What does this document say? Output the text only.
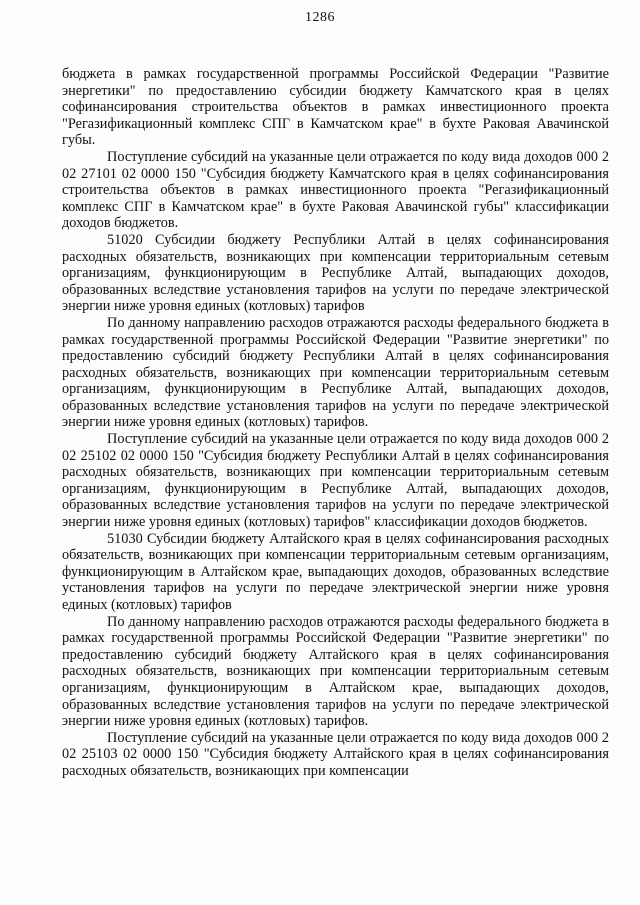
1286

бюджета в рамках государственной программы Российской Федерации "Развитие энергетики" по предоставлению субсидии бюджету Камчатского края в целях софинансирования строительства объектов в рамках инвестиционного проекта "Регазификационный комплекс СПГ в Камчатском крае" в бухте Раковая Авачинской губы.

Поступление субсидий на указанные цели отражается по коду вида доходов 000 2 02 27101 02 0000 150 "Субсидия бюджету Камчатского края в целях софинансирования строительства объектов в рамках инвестиционного проекта "Регазификационный комплекс СПГ в Камчатском крае" в бухте Раковая Авачинской губы" классификации доходов бюджетов.

51020 Субсидии бюджету Республики Алтай в целях софинансирования расходных обязательств, возникающих при компенсации территориальным сетевым организациям, функционирующим в Республике Алтай, выпадающих доходов, образованных вследствие установления тарифов на услуги по передаче электрической энергии ниже уровня единых (котловых) тарифов

По данному направлению расходов отражаются расходы федерального бюджета в рамках государственной программы Российской Федерации "Развитие энергетики" по предоставлению субсидий бюджету Республики Алтай в целях софинансирования расходных обязательств, возникающих при компенсации территориальным сетевым организациям, функционирующим в Республике Алтай, выпадающих доходов, образованных вследствие установления тарифов на услуги по передаче электрической энергии ниже уровня единых (котловых) тарифов.

Поступление субсидий на указанные цели отражается по коду вида доходов 000 2 02 25102 02 0000 150 "Субсидия бюджету Республики Алтай в целях софинансирования расходных обязательств, возникающих при компенсации территориальным сетевым организациям, функционирующим в Республике Алтай, выпадающих доходов, образованных вследствие установления тарифов на услуги по передаче электрической энергии ниже уровня единых (котловых) тарифов" классификации доходов бюджетов.

51030 Субсидии бюджету Алтайского края в целях софинансирования расходных обязательств, возникающих при компенсации территориальным сетевым организациям, функционирующим в Алтайском крае, выпадающих доходов, образованных вследствие установления тарифов на услуги по передаче электрической энергии ниже уровня единых (котловых) тарифов

По данному направлению расходов отражаются расходы федерального бюджета в рамках государственной программы Российской Федерации "Развитие энергетики" по предоставлению субсидий бюджету Алтайского края в целях софинансирования расходных обязательств, возникающих при компенсации территориальным сетевым организациям, функционирующим в Алтайском крае, выпадающих доходов, образованных вследствие установления тарифов на услуги по передаче электрической энергии ниже уровня единых (котловых) тарифов.

Поступление субсидий на указанные цели отражается по коду вида доходов 000 2 02 25103 02 0000 150 "Субсидия бюджету Алтайского края в целях софинансирования расходных обязательств, возникающих при компенсации
